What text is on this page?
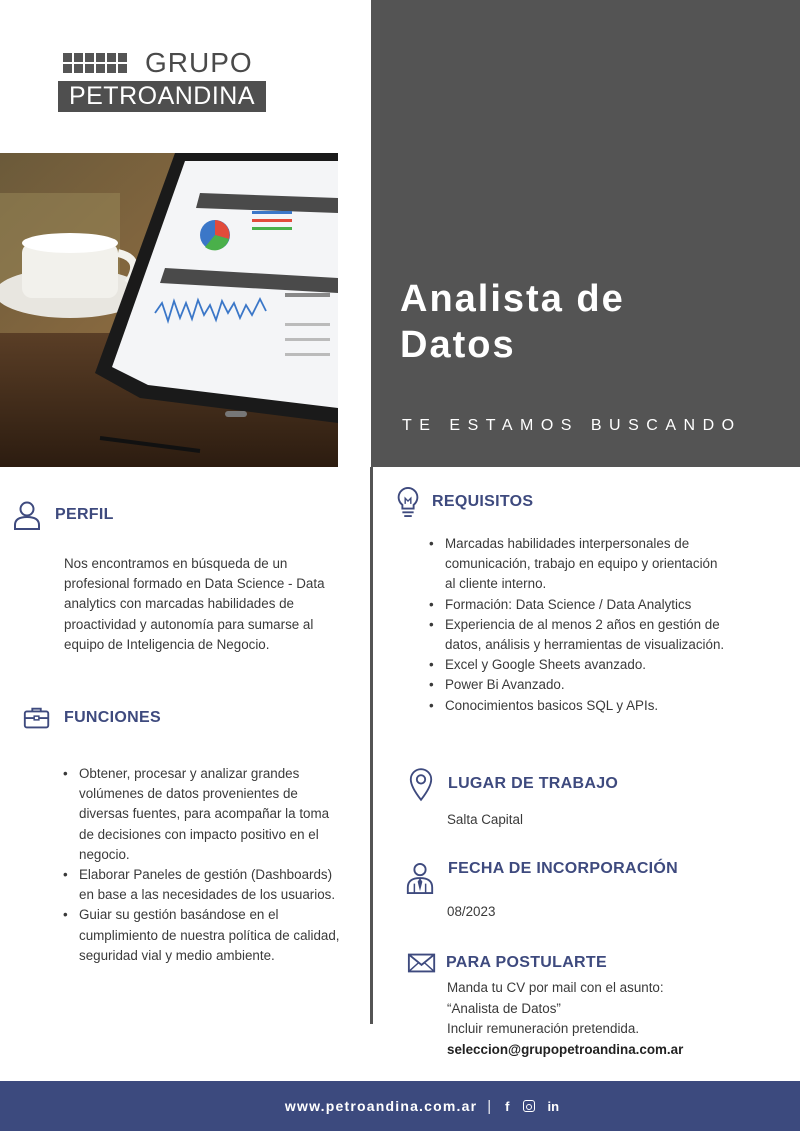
GRUPO
PETROANDINA
Analista de
Datos
TE ESTAMOS BUSCANDO
PERFIL
Nos encontramos en búsqueda de un profesional formado en Data Science - Data analytics con marcadas habilidades de proactividad y autonomía para sumarse al equipo de Inteligencia de Negocio.
FUNCIONES
• Obtener, procesar y analizar grandes volúmenes de datos provenientes de diversas fuentes, para acompañar la toma de decisiones con impacto positivo en el negocio.
• Elaborar Paneles de gestión (Dashboards) en base a las necesidades de los usuarios.
• Guiar su gestión basándose en el cumplimiento de nuestra política de calidad, seguridad vial y medio ambiente.
REQUISITOS
• Marcadas habilidades interpersonales de comunicación, trabajo en equipo y orientación al cliente interno.
• Formación: Data Science / Data Analytics
• Experiencia de al menos 2 años en gestión de datos, análisis y herramientas de visualización.
• Excel y Google Sheets avanzado.
• Power Bi Avanzado.
• Conocimientos basicos SQL y APIs.
LUGAR DE TRABAJO
Salta Capital
FECHA DE INCORPORACIÓN
08/2023
PARA POSTULARTE
Manda tu CV por mail con el asunto:
“Analista de Datos”
Incluir remuneración pretendida.
seleccion@grupopetroandina.com.ar
www.petroandina.com.ar | f	in
